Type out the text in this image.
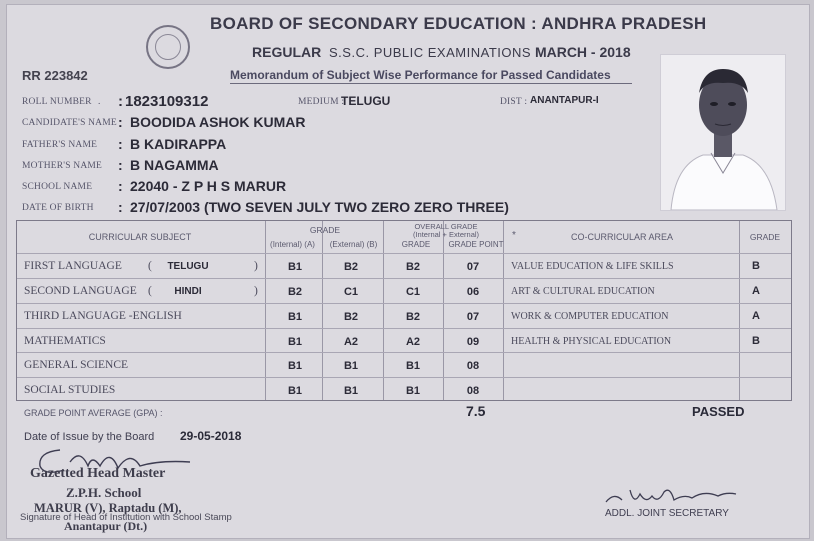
BOARD OF SECONDARY EDUCATION : ANDHRA PRADESH
REGULAR S.S.C. PUBLIC EXAMINATIONS MARCH - 2018
Memorandum of Subject Wise Performance for Passed Candidates
RR 223842
ROLL NUMBER . : 1823109312	MEDIUM :
TELUGU	DIST : ANANTAPUR-I
CANDIDATE'S NAME : BOODIDA ASHOK KUMAR
FATHER'S NAME : B KADIRAPPA
MOTHER'S NAME : B NAGAMMA
SCHOOL NAME : 22040 - Z P H S MARUR
DATE OF BIRTH : 27/07/2003 (TWO SEVEN JULY TWO ZERO ZERO THREE)
CURRICULAR SUBJECT
GRADE
(Internal) (A)	(External) (B)
OVERALL GRADE
(Internal + External)
GRADE	GRADE POINT
*	CO-CURRICULAR AREA	GRADE
FIRST LANGUAGE (	TELUGU	)	B1	B2	B2	07
SECOND LANGUAGE (	HINDI	)	B2	C1	C1	06
THIRD LANGUAGE -ENGLISH	B1	B2	B2	07
MATHEMATICS	B1	A2	A2	09
GENERAL SCIENCE	B1	B1	B1	08
SOCIAL STUDIES	B1	B1	B1	08
VALUE EDUCATION & LIFE SKILLS	B
ART & CULTURAL EDUCATION	A
WORK & COMPUTER EDUCATION	A
HEALTH & PHYSICAL EDUCATION	B
GRADE POINT AVERAGE (GPA) :	7.5	PASSED
Date of Issue by the Board 29-05-2018
Gazetted Head Master
Z.P.H. School
MARUR (V), Raptadu (M),
Anantapur (Dt.)
Signature of Head of Institution with School Stamp	ADDL. JOINT SECRETARY
